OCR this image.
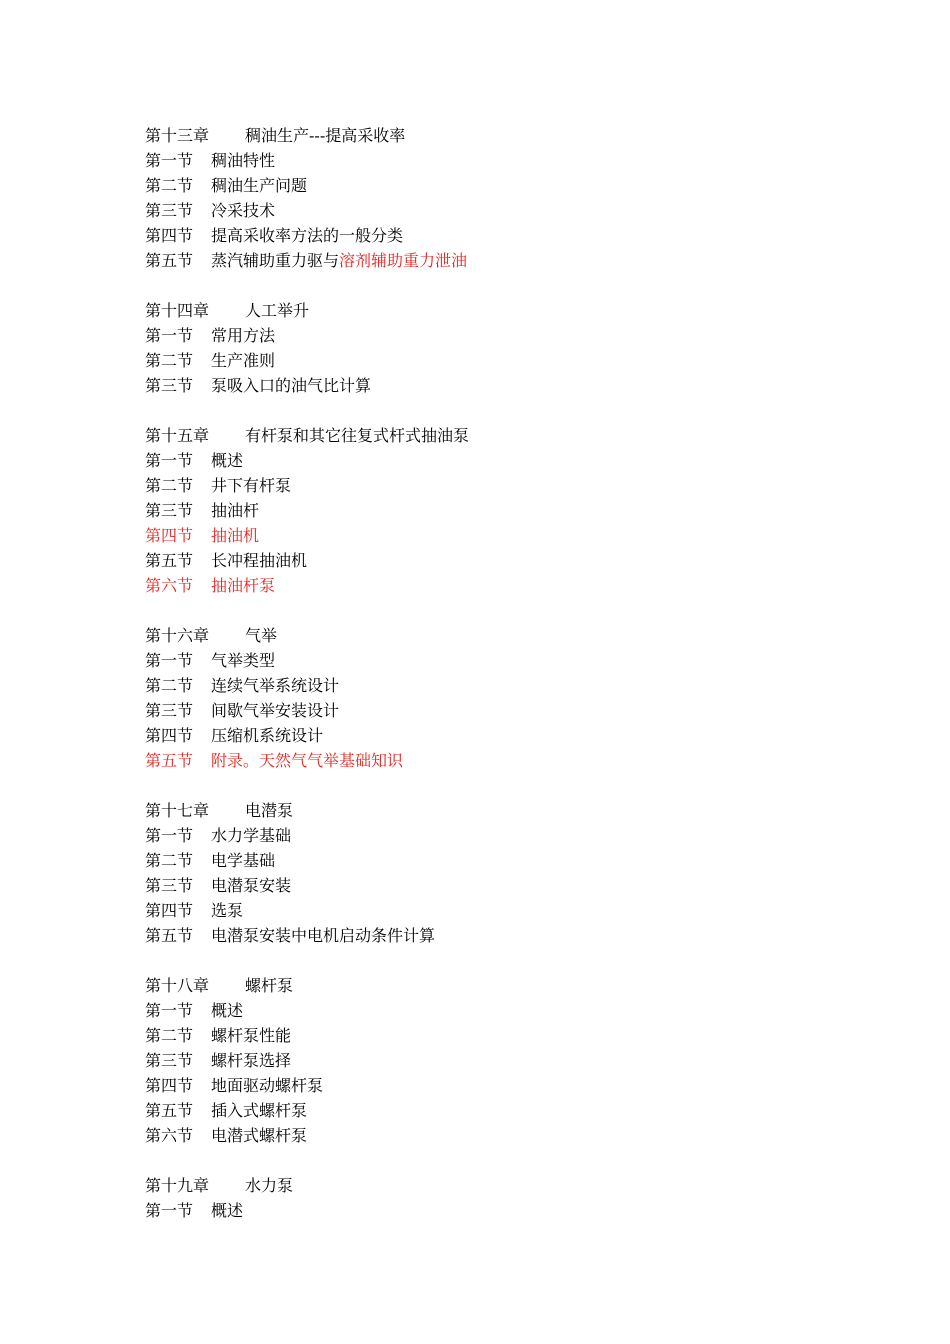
第十三章 稠油生产---提高采收率
第一节 稠油特性
第二节 稠油生产问题
第三节 冷采技术
第四节 提高采收率方法的一般分类
第五节 蒸汽辅助重力驱与溶剂辅助重力泄油
第十四章 人工举升
第一节 常用方法
第二节 生产准则
第三节 泵吸入口的油气比计算
第十五章 有杆泵和其它往复式杆式抽油泵
第一节 概述
第二节 井下有杆泵
第三节 抽油杆
第四节 抽油机
第五节 长冲程抽油机
第六节 抽油杆泵
第十六章 气举
第一节 气举类型
第二节 连续气举系统设计
第三节 间歇气举安装设计
第四节 压缩机系统设计
第五节 附录。天然气气举基础知识
第十七章 电潜泵
第一节 水力学基础
第二节 电学基础
第三节 电潜泵安装
第四节 选泵
第五节 电潜泵安装中电机启动条件计算
第十八章 螺杆泵
第一节 概述
第二节 螺杆泵性能
第三节 螺杆泵选择
第四节 地面驱动螺杆泵
第五节 插入式螺杆泵
第六节 电潜式螺杆泵
第十九章 水力泵
第一节 概述
